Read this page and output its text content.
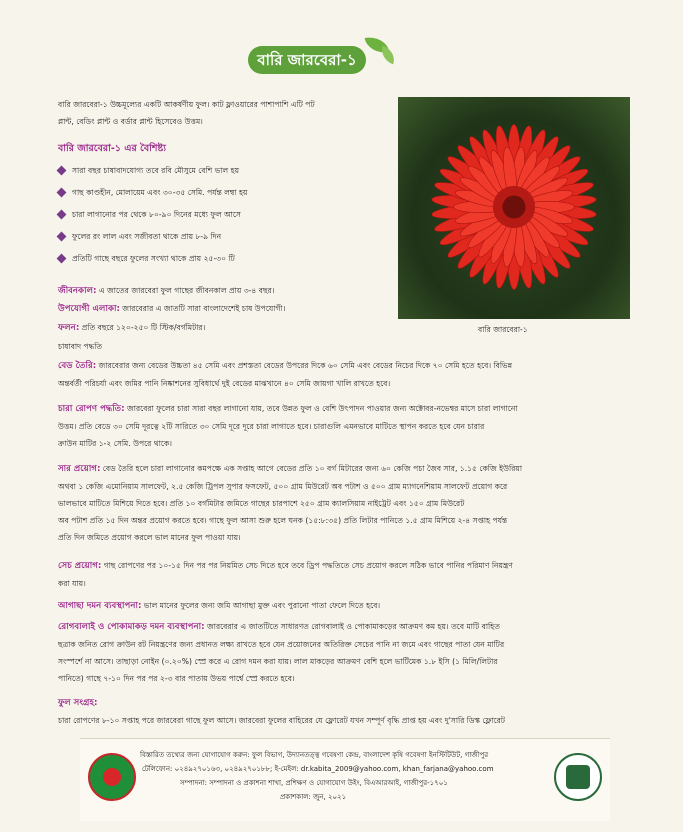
বারি জারবেরা-১
বারি জারবেরা-১ উচ্চমূল্যের একটি আকর্ষণীয় ফুল। কাট ফ্লাওয়ারের পাশাপাশি এটি পট
প্লান্ট, বেডিং প্লান্ট ও বর্ডার প্লান্ট হিসেবেও উত্তম।
বারি জারবেরা-১ এর বৈশিষ্ট্য
সারা বছর চাষাবাদযোগ্য তবে রবি মৌসুমে বেশি ভাল হয়
গাছ কাণ্ডহীন, মোলায়েম এবং ৩০-৩৫ সেমি. পর্যন্ত লম্বা হয়
চারা লাগানোর পর থেকে ৮০-৯০ দিনের মধ্যে ফুল আসে
ফুলের রং লাল এবং সজীবতা থাকে প্রায় ৮-৯ দিন
প্রতিটি গাছে বছরে ফুলের সংখ্যা থাকে প্রায় ২৫-৩০ টি
বারি জারবেরা-১
জীবনকাল: এ জাতের জারবেরা ফুল গাছের জীবনকাল প্রায় ৩-৪ বছর।
উপযোগী এলাকা: জারবেরার এ জাতটি সারা বাংলাদেশেই চাষ উপযোগী।
ফলন: প্রতি বছরে ১২০-২৫০ টি স্টিক/বর্গমিটার।
চাষাবাদ পদ্ধতি
বেড তৈরি: জারবেরার জন্য বেডের উচ্চতা ৪৫ সেমি এবং প্রশস্ততা বেডের উপরের দিকে ৬০ সেমি এবং বেডের নিচের দিকে ৭০ সেমি হতে হবে। বিভিন্ন
অন্তর্বর্তী পরিচর্যা এবং জমির পানি নিষ্কাশনের সুবিধার্থে দুই বেডের মাঝখানে ৪০ সেমি জায়গা খালি রাখতে হবে।
চারা রোপণ পদ্ধতি: জারবেরা ফুলের চারা সারা বছর লাগানো যায়, তবে উন্নত ফুল ও বেশি উৎপাদন পাওয়ার জন্য অক্টোবর-নভেম্বর মাসে চারা লাগানো
উত্তম। প্রতি বেডে ৩০ সেমি দূরত্বে ২টি সারিতে ৩০ সেমি দূরে দূরে চারা লাগাতে হবে। চারাগুলি এমনভাবে মাটিতে স্থাপন করতে হবে যেন চারার
ক্রাউন মাটির ১-২ সেমি. উপরে থাকে।
সার প্রয়োগ: বেড তৈরি হলে চারা লাগানোর কমপক্ষে এক সপ্তাহ আগে বেডের প্রতি ১০ বর্গ মিটারের জন্য ৬০ কেজি পচা জৈব সার, ১.১৫ কেজি ইউরিয়া
অথবা ১ কেজি এমোনিয়াম সালফেট, ২.৫ কেজি ট্রিপল সুপার ফসফেট, ৫০০ গ্রাম মিউরেট অব পটাশ ও ৫০০ গ্রাম ম্যাগনেশিয়াম সালফেট প্রয়োগ করে
ভালভাবে মাটিতে মিশিয়ে দিতে হবে। প্রতি ১০ বর্গমিটার জমিতে গাছের চারপাশে ২৫০ গ্রাম ক্যালসিয়াম নাইট্রেট এবং ১৫০ গ্রাম মিউরেট
অব পটাশ প্রতি ১৫ দিন অন্তর প্রয়োগ করতে হবে। গাছে ফুল আসা শুরু হলে ঘনক (১৫:৮:৩৫) প্রতি লিটার পানিতে ১.৫ গ্রাম মিশিয়ে ২-৪ সপ্তাহ পর্যন্ত
প্রতি দিন জমিতে প্রয়োগ করলে ভাল মানের ফুল পাওয়া যায়।
সেচ প্রয়োগ: গাছ রোপণের পর ১০-১৫ দিন পর পর নিয়মিত সেচ দিতে হবে তবে ড্রিপ পদ্ধতিতে সেচ প্রয়োগ করলে সঠিক ভাবে পানির পরিমাণ নিয়ন্ত্রণ
করা যায়।
আগাছা দমন ব্যবস্থাপনা: ভাল মানের ফুলের জন্য জমি আগাছা মুক্ত এবং পুরানো পাতা ফেলে দিতে হবে।
রোগবালাই ও পোকামাকড় দমন ব্যবস্থাপনা: জারবেরার এ জাতটিতে সাধারণত রোগবালাই ও পোকামাকড়ের আক্রমণ কম হয়। তবে মাটি বাহিত
ছত্রাক জনিত রোগ ক্রাউন রট নিয়ন্ত্রণের জন্য প্রধানত লক্ষ্য রাখতে হবে যেন প্রয়োজনের অতিরিক্ত সেচের পানি না জমে এবং গাছের পাতা যেন মাটির
সংস্পর্শে না আসে। তাছাড়া নোইন (০.২০%) স্প্রে করে এ রোগ দমন করা যায়। লাল মাকড়ের আক্রমণ বেশি হলে ভার্টিমেক ১.৮ ইসি (১ মিলি/লিটার
পানিতে) গাছে ৭-১০ দিন পর পর ২-৩ বার পাতায় উভয় পার্শ্বে স্প্রে করতে হবে।
ফুল সংগ্রহ:
চারা রোপণের ৮-১০ সপ্তাহ পরে জারবেরা গাছে ফুল আসে। জারবেরা ফুলের বাহিরের যে ফ্লোরেট যখন সম্পূর্ণ বৃদ্ধি প্রাপ্ত হয় এবং দু'সারি ডিস্ক ফ্লোরেট
বিস্তারিত তথ্যের জন্য যোগাযোগ করুন: ফুল বিভাগ, উদ্যানতত্ত্ব গবেষণা কেন্দ্র, বাংলাদেশ কৃষি গবেষণা ইনস্টিটিউট, গাজীপুর
টেলিফোন: ০২৪৯২৭০১৬৩, ০২৪৯২৭০১৮৮; ই-মেইল: dr.kabita_2009@yahoo.com, khan_farjana@yahoo.com
সম্পাদনা: সম্পাদনা ও প্রকাশনা শাখা, প্রশিক্ষণ ও যোগাযোগ উইং, বিএআরআই, গাজীপুর-১৭০১
প্রকাশকাল: জুন, ২০২১
